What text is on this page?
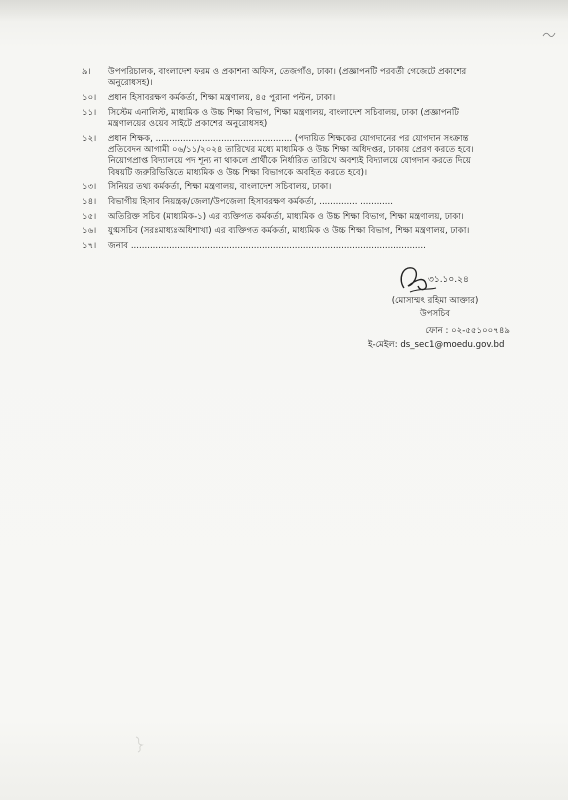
৯।	উপপরিচালক, বাংলাদেশ ফরম ও প্রকাশনা অফিস, তেজগাঁও, ঢাকা। (প্রজ্ঞাপনটি পরবর্তী গেজেটে প্রকাশের অনুরোধসহ)।
১০।	প্রধান হিসাবরক্ষণ কর্মকর্তা, শিক্ষা মন্ত্রণালয়, ৪৫ পুরানা পল্টন, ঢাকা।
১১।	সিস্টেম এনালিস্ট, মাধ্যমিক ও উচ্চ শিক্ষা বিভাগ, শিক্ষা মন্ত্রণালয়, বাংলাদেশ সচিবালয়, ঢাকা (প্রজ্ঞাপনটি মন্ত্রণালয়ের ওয়েব সাইটে প্রকাশের অনুরোধসহ)
১২।	প্রধান শিক্ষক, .................................................. (পদায়িত শিক্ষকের যোগদানের পর যোগদান সংক্রান্ত প্রতিবেদন আগামী ০৬/১১/২০২৪ তারিখের মধ্যে মাধ্যমিক ও উচ্চ শিক্ষা অধিদপ্তর, ঢাকায় প্রেরণ করতে হবে। নিয়োগপ্রাপ্ত বিদ্যালয়ে পদ শূন্য না থাকলে প্রার্থীকে নির্ধারিত তারিখে অবশ্যই বিদ্যালয়ে যোগদান করতে দিয়ে বিষয়টি জরুরিভিত্তিতে মাধ্যমিক ও উচ্চ শিক্ষা বিভাগকে অবহিত করতে হবে)।
১৩।	সিনিয়র তথ্য কর্মকর্তা, শিক্ষা মন্ত্রণালয়, বাংলাদেশ সচিবালয়, ঢাকা।
১৪।	বিভাগীয় হিসাব নিয়ন্ত্রক/জেলা/উপজেলা হিসাবরক্ষণ কর্মকর্তা, .............. ............
১৫।	অতিরিক্ত সচিব (মাধ্যমিক-১) এর ব্যক্তিগত কর্মকর্তা, মাধ্যমিক ও উচ্চ শিক্ষা বিভাগ, শিক্ষা মন্ত্রণালয়, ঢাকা।
১৬।	যুগ্মসচিব (সরঃমাধ্যঃঅধিশাখা) এর ব্যক্তিগত কর্মকর্তা, মাধ্যমিক ও উচ্চ শিক্ষা বিভাগ, শিক্ষা মন্ত্রণালয়, ঢাকা।
১৭।	জনাব ............................................................................................................
৩১.১০.২৪
(মোসাম্মৎ রহিমা আক্তার)
উপসচিব
ফোন : ০২-৫৫১০০৭৪৯
ই-মেইল: ds_sec1@moedu.gov.bd
